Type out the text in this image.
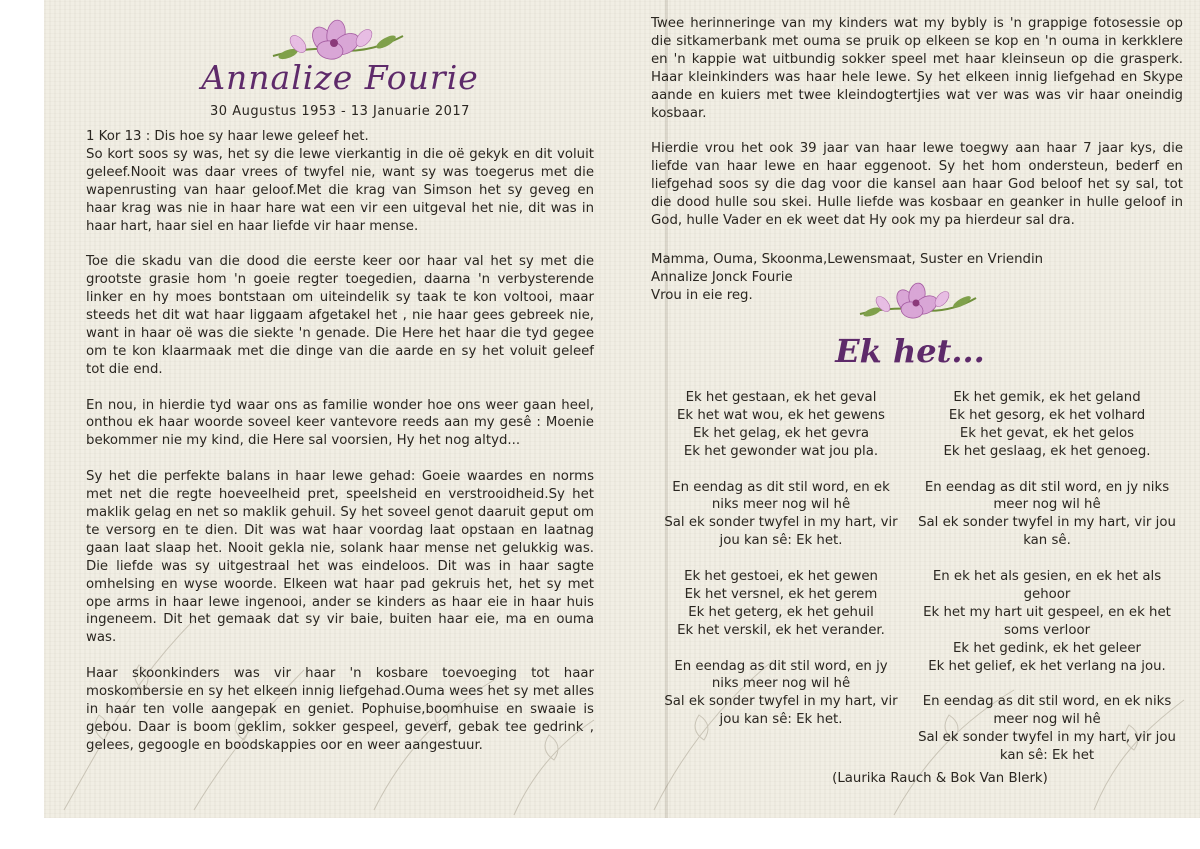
Annalize Fourie
30 Augustus 1953 - 13 Januarie 2017

1 Kor 13 : Dis hoe sy haar lewe geleef het.

So kort soos sy was, het sy die lewe vierkantig in die oë gekyk en dit voluit geleef.Nooit was daar vrees of twyfel nie, want sy was toegerus met die wapenrusting van haar geloof.Met die krag van Simson het sy geveg en haar krag was nie in haar hare wat een vir een uitgeval het nie, dit was in haar hart, haar siel en haar liefde vir haar mense.

Toe die skadu van die dood die eerste keer oor haar val het sy met die grootste grasie hom 'n goeie regter toegedien, daarna 'n verbysterende linker en hy moes bontstaan om uiteindelik sy taak te kon voltooi, maar steeds het dit wat haar liggaam afgetakel het , nie haar gees gebreek nie, want in haar oë was die siekte 'n genade. Die Here het haar die tyd gegee om te kon klaarmaak met die dinge van die aarde en sy het voluit geleef tot die end.

En nou, in hierdie tyd waar ons as familie wonder hoe ons weer gaan heel, onthou ek haar woorde soveel keer vantevore reeds aan my gesê : Moenie bekommer nie my kind, die Here sal voorsien, Hy het nog altyd...

Sy het die perfekte balans in haar lewe gehad: Goeie waardes en norms met net die regte hoeveelheid pret, speelsheid en verstrooidheid.Sy het maklik gelag en net so maklik gehuil. Sy het soveel genot daaruit geput om te versorg en te dien. Dit was wat haar voordag laat opstaan en laatnag gaan laat slaap het. Nooit gekla nie, solank haar mense net gelukkig was. Die liefde was sy uitgestraal het was eindeloos. Dit was in haar sagte omhelsing en wyse woorde. Elkeen wat haar pad gekruis het, het sy met ope arms in haar lewe ingenooi, ander se kinders as haar eie in haar huis ingeneem. Dit het gemaak dat sy vir baie, buiten haar eie, ma en ouma was.

Haar skoonkinders was vir haar 'n kosbare toevoeging tot haar moskombersie en sy het elkeen innig liefgehad.Ouma wees het sy met alles in haar ten volle aangepak en geniet. Pophuise,boomhuise en swaaie is gebou. Daar is boom geklim, sokker gespeel, geverf, gebak tee gedrink , gelees, gegoogle en boodskappies oor en weer aangestuur.

Twee herinneringe van my kinders wat my bybly is 'n grappige fotosessie op die sitkamerbank met ouma se pruik op elkeen se kop en 'n ouma in kerkklere en 'n kappie wat uitbundig sokker speel met haar kleinseun op die grasperk. Haar kleinkinders was haar hele lewe. Sy het elkeen innig liefgehad en Skype aande en kuiers met twee kleindogtertjies wat ver was was vir haar oneindig kosbaar.

Hierdie vrou het ook 39 jaar van haar lewe toegwy aan haar 7 jaar kys, die liefde van haar lewe en haar eggenoot. Sy het hom ondersteun, bederf en liefgehad soos sy die dag voor die kansel aan haar God beloof het sy sal, tot die dood hulle sou skei. Hulle liefde was kosbaar en geanker in hulle geloof in God, hulle Vader en ek weet dat Hy ook my pa hierdeur sal dra.

Mamma, Ouma, Skoonma,Lewensmaat, Suster en Vriendin
Annalize Jonck Fourie
Vrou in eie reg.
Ek het...
Ek het gestaan, ek het geval
Ek het wat wou, ek het gewens
Ek het gelag, ek het gevra
Ek het gewonder wat jou pla.
En eendag as dit stil word, en ek
niks meer nog wil hê
Sal ek sonder twyfel in my hart, vir
jou kan sê: Ek het.
Ek het gestoei, ek het gewen
Ek het versnel, ek het gerem
Ek het geterg, ek het gehuil
Ek het verskil, ek het verander.
En eendag as dit stil word, en jy
niks meer nog wil hê
Sal ek sonder twyfel in my hart, vir
jou kan sê: Ek het.
Ek het gemik, ek het geland
Ek het gesorg, ek het volhard
Ek het gevat, ek het gelos
Ek het geslaag, ek het genoeg.
En eendag as dit stil word, en jy niks
meer nog wil hê
Sal ek sonder twyfel in my hart, vir jou
kan sê.
En ek het als gesien, en ek het als
gehoor
Ek het my hart uit gespeel, en ek het
soms verloor
Ek het gedink, ek het geleer
Ek het gelief, ek het verlang na jou.
En eendag as dit stil word, en ek niks
meer nog wil hê
Sal ek sonder twyfel in my hart, vir jou
kan sê: Ek het
(Laurika Rauch & Bok Van Blerk)
